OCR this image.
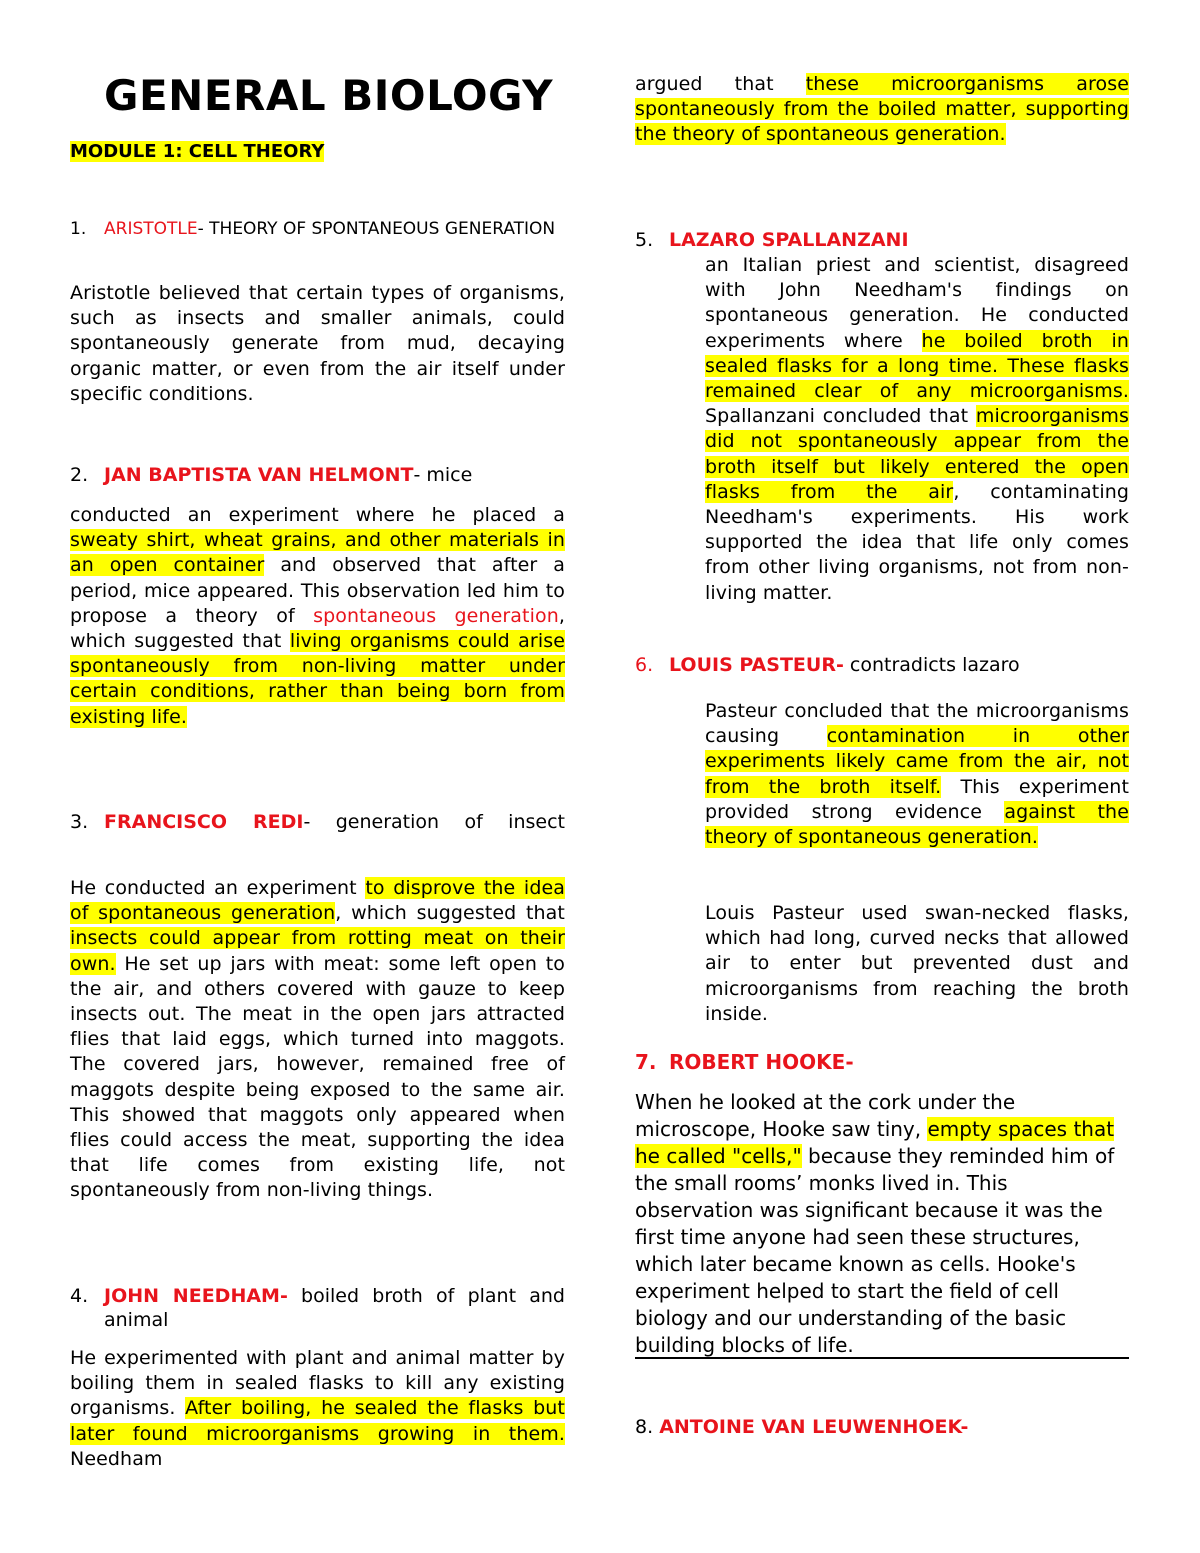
GENERAL BIOLOGY
MODULE 1: CELL THEORY
1. ARISTOTLE- THEORY OF SPONTANEOUS GENERATION

Aristotle believed that certain types of organisms, such as insects and smaller animals, could spontaneously generate from mud, decaying organic matter, or even from the air itself under specific conditions.

2. JAN BAPTISTA VAN HELMONT- mice

conducted an experiment where he placed a sweaty shirt, wheat grains, and other materials in an open container and observed that after a period, mice appeared. This observation led him to propose a theory of spontaneous generation, which suggested that living organisms could arise spontaneously from non-living matter under certain conditions, rather than being born from existing life.

3. FRANCISCO REDI- generation of insect

He conducted an experiment to disprove the idea of spontaneous generation, which suggested that insects could appear from rotting meat on their own. He set up jars with meat: some left open to the air, and others covered with gauze to keep insects out. The meat in the open jars attracted flies that laid eggs, which turned into maggots. The covered jars, however, remained free of maggots despite being exposed to the same air. This showed that maggots only appeared when flies could access the meat, supporting the idea that life comes from existing life, not spontaneously from non-living things.

4. JOHN NEEDHAM- boiled broth of plant and animal

He experimented with plant and animal matter by boiling them in sealed flasks to kill any existing organisms. After boiling, he sealed the flasks but later found microorganisms growing in them. Needham

argued that these microorganisms arose spontaneously from the boiled matter, supporting the theory of spontaneous generation.

5. LAZARO SPALLANZANI

an Italian priest and scientist, disagreed with John Needham's findings on spontaneous generation. He conducted experiments where he boiled broth in sealed flasks for a long time. These flasks remained clear of any microorganisms. Spallanzani concluded that microorganisms did not spontaneously appear from the broth itself but likely entered the open flasks from the air, contaminating Needham's experiments. His work supported the idea that life only comes from other living organisms, not from non-living matter.

6. LOUIS PASTEUR- contradicts lazaro

Pasteur concluded that the microorganisms causing contamination in other experiments likely came from the air, not from the broth itself. This experiment provided strong evidence against the theory of spontaneous generation.

Louis Pasteur used swan-necked flasks, which had long, curved necks that allowed air to enter but prevented dust and microorganisms from reaching the broth inside.

7. ROBERT HOOKE-

When he looked at the cork under the microscope, Hooke saw tiny, empty spaces that he called "cells," because they reminded him of the small rooms’ monks lived in. This observation was significant because it was the first time anyone had seen these structures, which later became known as cells. Hooke's experiment helped to start the field of cell biology and our understanding of the basic building blocks of life.

8. ANTOINE VAN LEUWENHOEK-
